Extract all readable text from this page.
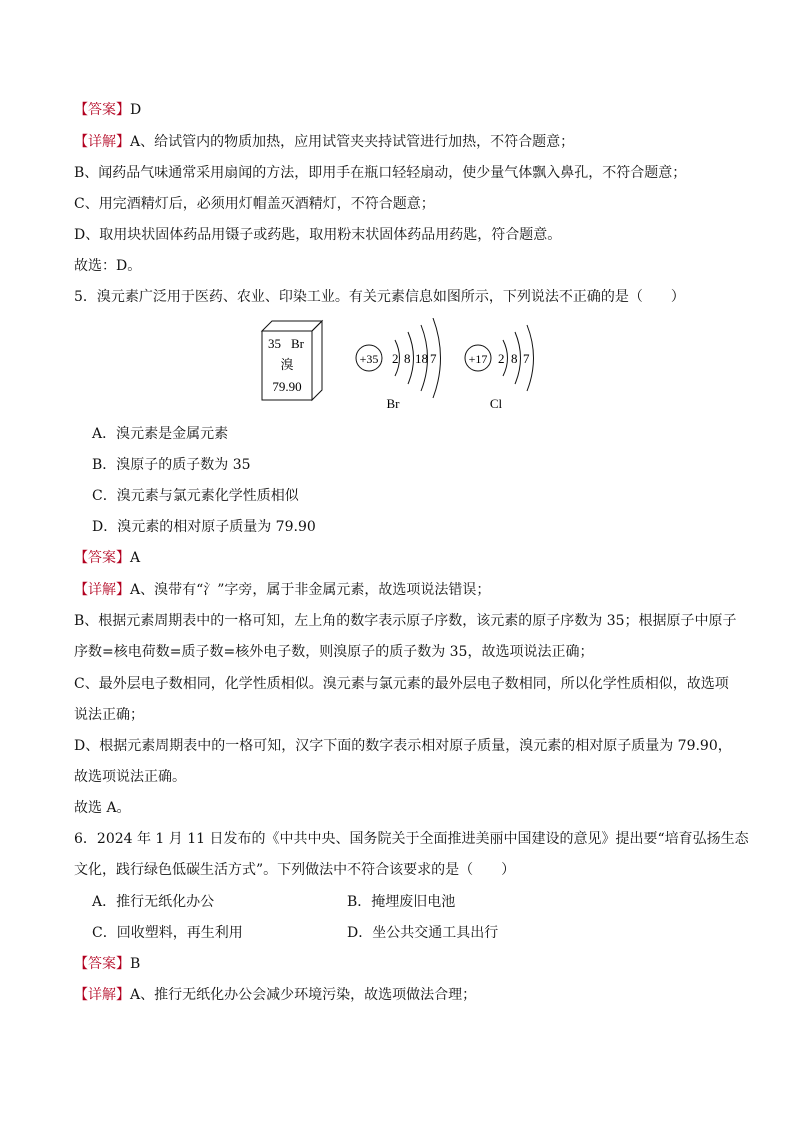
【答案】D
【详解】A、给试管内的物质加热，应用试管夹夹持试管进行加热，不符合题意；
B、闻药品气味通常采用扇闻的方法，即用手在瓶口轻轻扇动，使少量气体飘入鼻孔，不符合题意；
C、用完酒精灯后，必须用灯帽盖灭酒精灯，不符合题意；
D、取用块状固体药品用镊子或药匙，取用粉末状固体药品用药匙，符合题意。
故选：D。
5．溴元素广泛用于医药、农业、印染工业。有关元素信息如图所示，下列说法不正确的是（　　）
35 Br
溴
79.90
+35 2 8 18 7
Br
+17 2 8 7
Cl
A．溴元素是金属元素
B．溴原子的质子数为 35
C．溴元素与氯元素化学性质相似
D．溴元素的相对原子质量为 79.90
【答案】A
【详解】A、溴带有“氵”字旁，属于非金属元素，故选项说法错误；
B、根据元素周期表中的一格可知，左上角的数字表示原子序数，该元素的原子序数为 35；根据原子中原子
序数=核电荷数=质子数=核外电子数，则溴原子的质子数为 35，故选项说法正确；
C、最外层电子数相同，化学性质相似。溴元素与氯元素的最外层电子数相同，所以化学性质相似，故选项
说法正确；
D、根据元素周期表中的一格可知，汉字下面的数字表示相对原子质量，溴元素的相对原子质量为 79.90，
故选项说法正确。
故选 A。
6．2024 年 1 月 11 日发布的《中共中央、国务院关于全面推进美丽中国建设的意见》提出要“培育弘扬生态
文化，践行绿色低碳生活方式”。下列做法中不符合该要求的是（　　）
A．推行无纸化办公	B．掩埋废旧电池
C．回收塑料，再生利用	D．坐公共交通工具出行
【答案】B
【详解】A、推行无纸化办公会减少环境污染，故选项做法合理；
